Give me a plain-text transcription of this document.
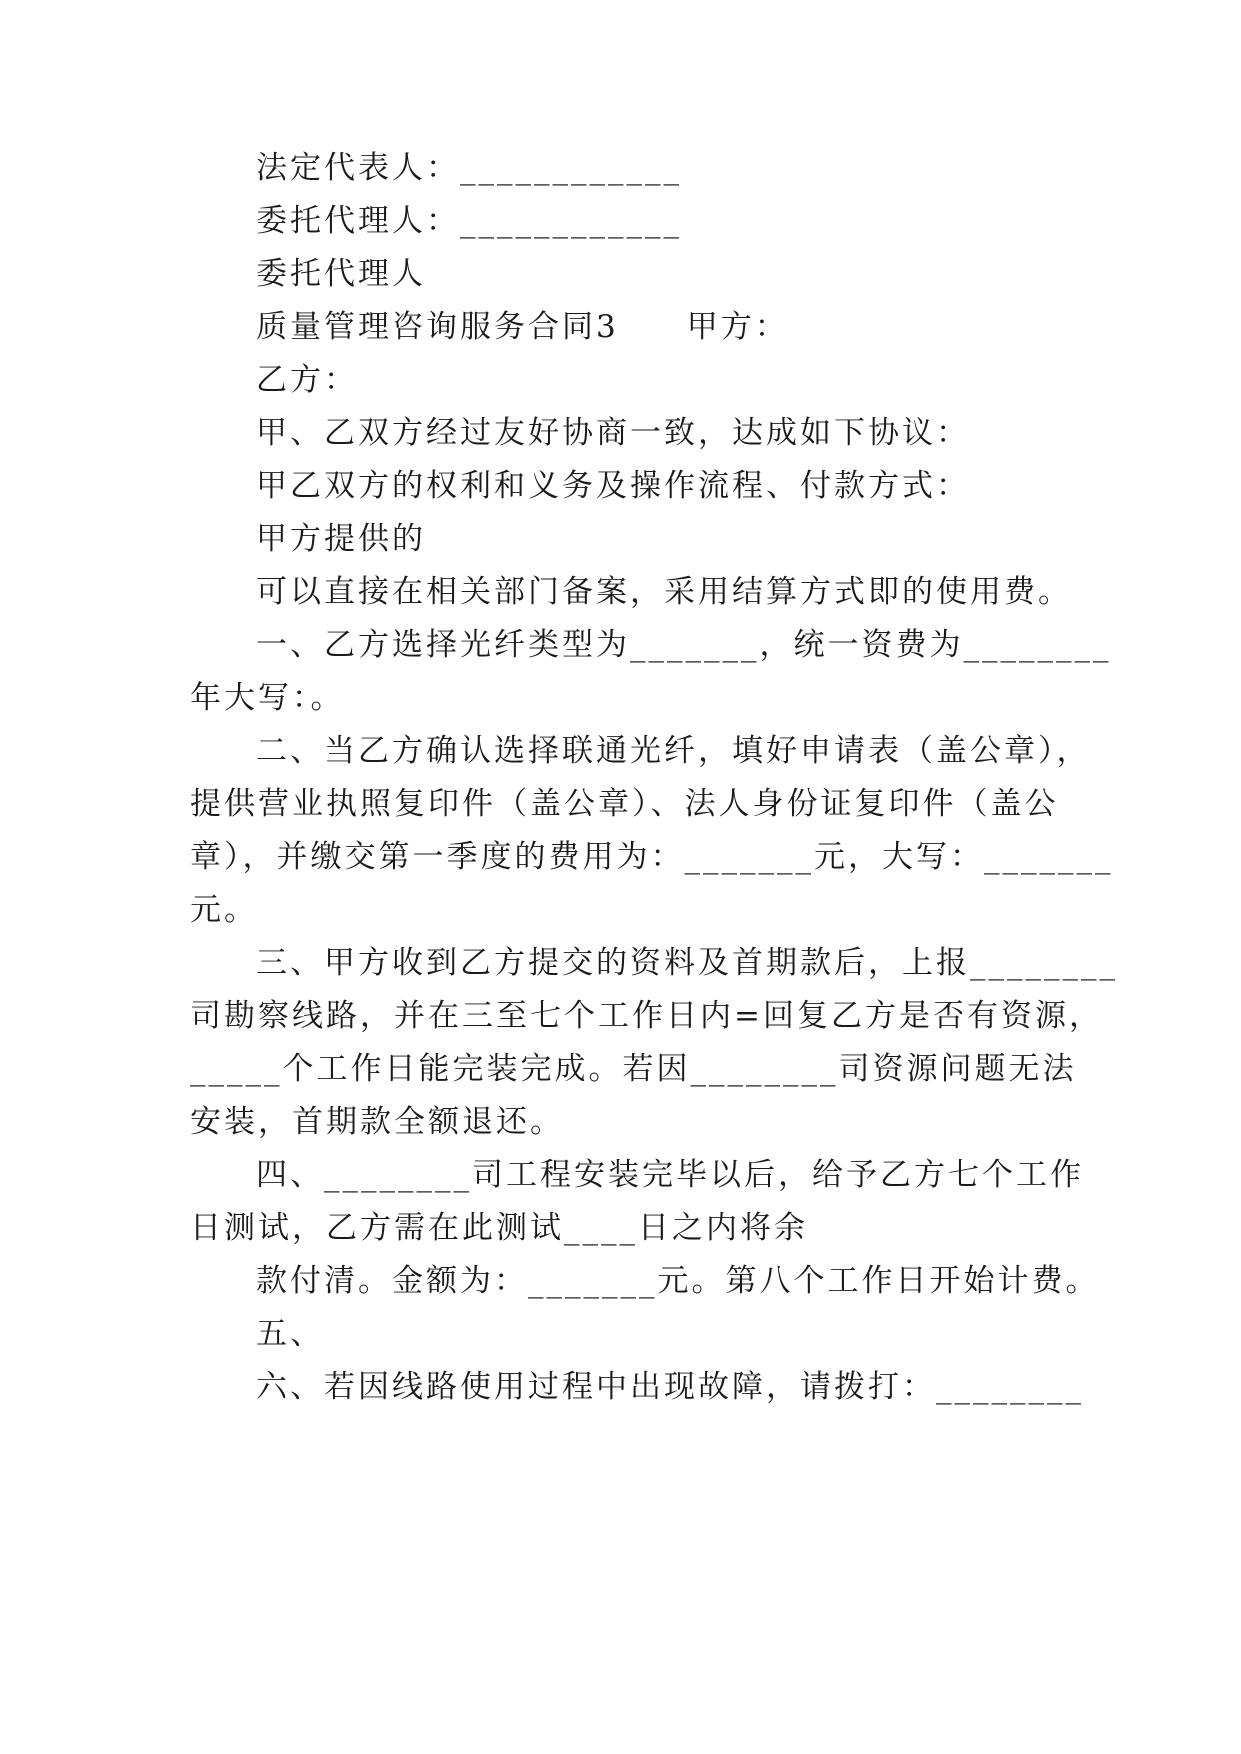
法定代表人：____________
委托代理人：____________
委托代理人
质量管理咨询服务合同3　　甲方：
乙方：
甲、乙双方经过友好协商一致，达成如下协议：
甲乙双方的权利和义务及操作流程、付款方式：
甲方提供的
可以直接在相关部门备案，采用结算方式即的使用费。
一、乙方选择光纤类型为_______，统一资费为________
年大写：。
二、当乙方确认选择联通光纤，填好申请表（盖公章），
提供营业执照复印件（盖公章）、法人身份证复印件（盖公
章），并缴交第一季度的费用为：_______元，大写：_______
元。
三、甲方收到乙方提交的资料及首期款后，上报________
司勘察线路，并在三至七个工作日内=回复乙方是否有资源，
_____个工作日能完装完成。若因________司资源问题无法
安装，首期款全额退还。
四、________司工程安装完毕以后，给予乙方七个工作
日测试，乙方需在此测试____日之内将余
款付清。金额为：_______元。第八个工作日开始计费。
五、
六、若因线路使用过程中出现故障，请拨打：________
